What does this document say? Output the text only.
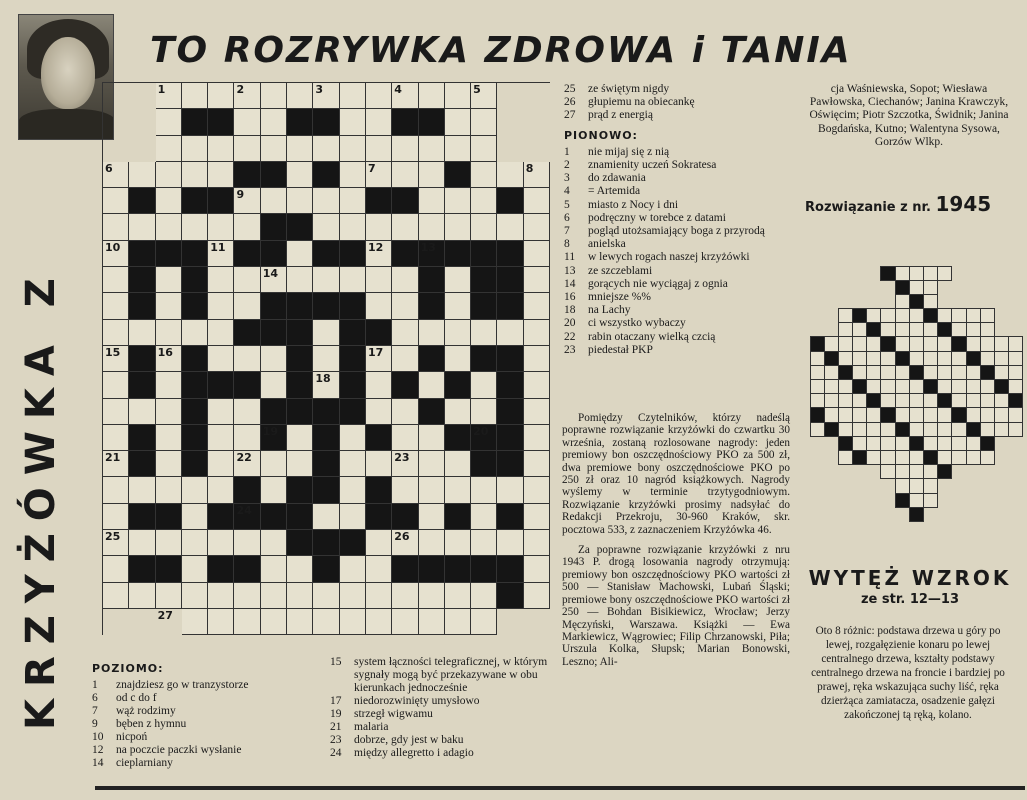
TO ROZRYWKA ZDROWA i TANIA
KRZYŻÓWKA Z
1	2	3	4	5
6	7	8
9
10	11	12	13
14
15	16	17
18
19	20
21	22	23
24
25	26
27
POZIOMO:
1	znajdziesz go w tranzystorze
6	od c do f
7	wąż rodzimy
9	bęben z hymnu
10	nicpoń
12	na poczcie paczki wysłanie
14	cieplarniany
15	system łączności telegraficznej, w którym sygnały mogą być przekazywane w obu kierunkach jednocześnie
17	niedorozwinięty umysłowo
19	strzegł wigwamu
21	malaria
23	dobrze, gdy jest w baku
24	między allegretto i adagio
25	ze świętym nigdy
26	głupiemu na obiecankę
27	prąd z energią
PIONOWO:
1	nie mijaj się z nią
2	znamienity uczeń Sokratesa
3	do zdawania
4	= Artemida
5	miasto z Nocy i dni
6	podręczny w torebce z datami
7	pogląd utożsamiający boga z przyrodą
8	anielska
11	w lewych rogach naszej krzyżówki
13	ze szczeblami
14	gorących nie wyciągaj z ognia
16	mniejsze %%
18	na Lachy
20	ci wszystko wybaczy
22	rabin otaczany wielką czcią
23	piedestał PKP

Pomiędzy Czytelników, którzy nadeślą poprawne rozwiązanie krzyżówki do czwartku 30 września, zostaną rozlosowane nagrody: jeden premiowy bon oszczędnościowy PKO za 500 zł, dwa premiowe bony oszczędnościowe PKO po 250 zł oraz 10 nagród książkowych. Nagrody wyślemy w terminie trzytygodniowym. Rozwiązanie krzyżówki prosimy nadsyłać do Redakcji Przekroju, 30-960 Kraków, skr. pocztowa 533, z zaznaczeniem Krzyżówka 46.

Za poprawne rozwiązanie krzyżówki z nru 1943 P. drogą losowania nagrody otrzymują: premiowy bon oszczędnościowy PKO wartości zł 500 — Stanisław Machowski, Lubań Śląski; premiowe bony oszczędnościowe PKO wartości zł 250 — Bohdan Bisikiewicz, Wrocław; Jerzy Męczyński, Warszawa. Książki — Ewa Markiewicz, Wągrowiec; Filip Chrzanowski, Piła; Urszula Kolka, Słupsk; Marian Bonowski, Leszno; Ali-

cja Waśniewska, Sopot; Wiesława Pawłowska, Ciechanów; Janina Krawczyk, Oświęcim; Piotr Szczotka, Świdnik; Janina Bogdańska, Kutno; Walentyna Sysowa, Gorzów Wlkp.
Rozwiązanie z nr. 1945
WYTĘŻ WZROK
ze str. 12—13
Oto 8 różnic: podstawa drzewa u góry po lewej, rozgałęzienie konaru po lewej centralnego drzewa, kształty podstawy centralnego drzewa na froncie i bardziej po prawej, ręka wskazująca suchy liść, ręka dzierżąca zamiatacza, osadzenie gałęzi zakończonej tą ręką, kolano.
